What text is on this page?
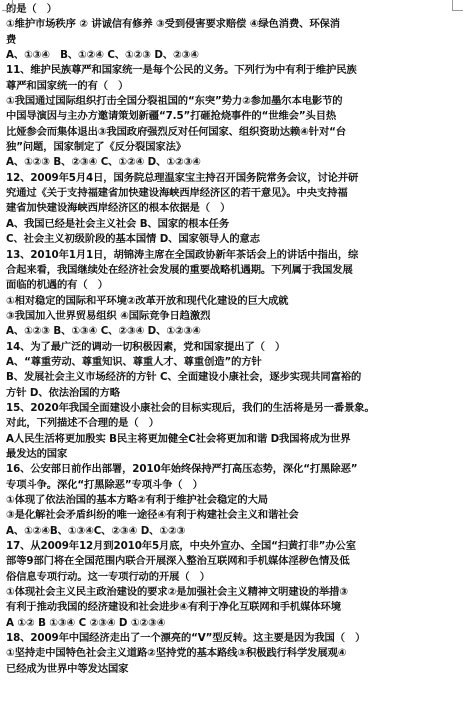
的是（　）
①维护市场秩序 ② 讲诚信有修养 ③受到侵害要求赔偿 ④绿色消费、环保消
费
A、①③④　B、①②④ C、①②③ D、②③④
11、维护民族尊严和国家统一是每个公民的义务。下列行为中有利于维护民族
尊严和国家统一的有（　）
①我国通过国际组织打击全国分裂祖国的“东突”势力②参加墨尔本电影节的
中国导演因与主办方邀请策划新疆“7.5”打砸抢烧事件的“世维会”头目热
比娅参会而集体退出③我国政府强烈反对任何国家、组织资助达赖④针对“台
独”问题，国家制定了《反分裂国家法》
A、①②③ B、②③④ C、①②④ D、①②③④
12、2009年5月4日，国务院总理温家宝主持召开国务院常务会议，讨论并研
究通过《关于支持福建省加快建设海峡西岸经济区的若干意见》。中央支持福
建省加快建设海峡西岸经济区的根本依据是（　）
A、我国已经是社会主义社会 B、国家的根本任务
C、社会主义初级阶段的基本国情 D、国家领导人的意志
13、2010年1月1日，胡锦涛主席在全国政协新年茶话会上的讲话中指出，综
合起来看，我国继续处在经济社会发展的重要战略机遇期。下列属于我国发展
面临的机遇的有（　）
①相对稳定的国际和平环境②改革开放和现代化建设的巨大成就
③我国加入世界贸易组织 ④国际竞争日趋激烈
A、①②③ B、①③④ C、②③④ D、①②③④
14、为了最广泛的调动一切积极因素，党和国家提出了（　）
A、“尊重劳动、尊重知识、尊重人才、尊重创造”的方针
B、发展社会主义市场经济的方针 C、全面建设小康社会，逐步实现共同富裕的
方针 D、依法治国的方略
15、2020年我国全面建设小康社会的目标实现后，我们的生活将是另一番景象。
对此，下列描述不合理的是（　）
A人民生活将更加殷实 B民主将更加健全C社会将更加和谐 D我国将成为世界
最发达的国家
16、公安部日前作出部署，2010年始终保持严打高压态势，深化“打黑除恶”
专项斗争。深化“打黑除恶”专项斗争（　）
①体现了依法治国的基本方略②有利于维护社会稳定的大局
③是化解社会矛盾纠纷的唯一途径④有利于构建社会主义和谐社会
A、①②④B、①③④C、②③④ D、①②③
17、从2009年12月到2010年5月底，中央外宣办、全国“扫黄打非”办公室
部等9部门将在全国范围内联合开展深入整治互联网和手机媒体淫秽色情及低
俗信息专项行动。这一专项行动的开展（　）
①体现社会主义民主政治建设的要求②是加强社会主义精神文明建设的举措③
有利于推动我国的经济建设和社会进步④有利于净化互联网和手机媒体环境
A ①② B ①③④ C ②③④ D ①②③④
18、2009年中国经济走出了一个漂亮的“V”型反转。这主要是因为我国（　）
①坚持走中国特色社会主义道路②坚持党的基本路线③积极践行科学发展观④
已经成为世界中等发达国家
